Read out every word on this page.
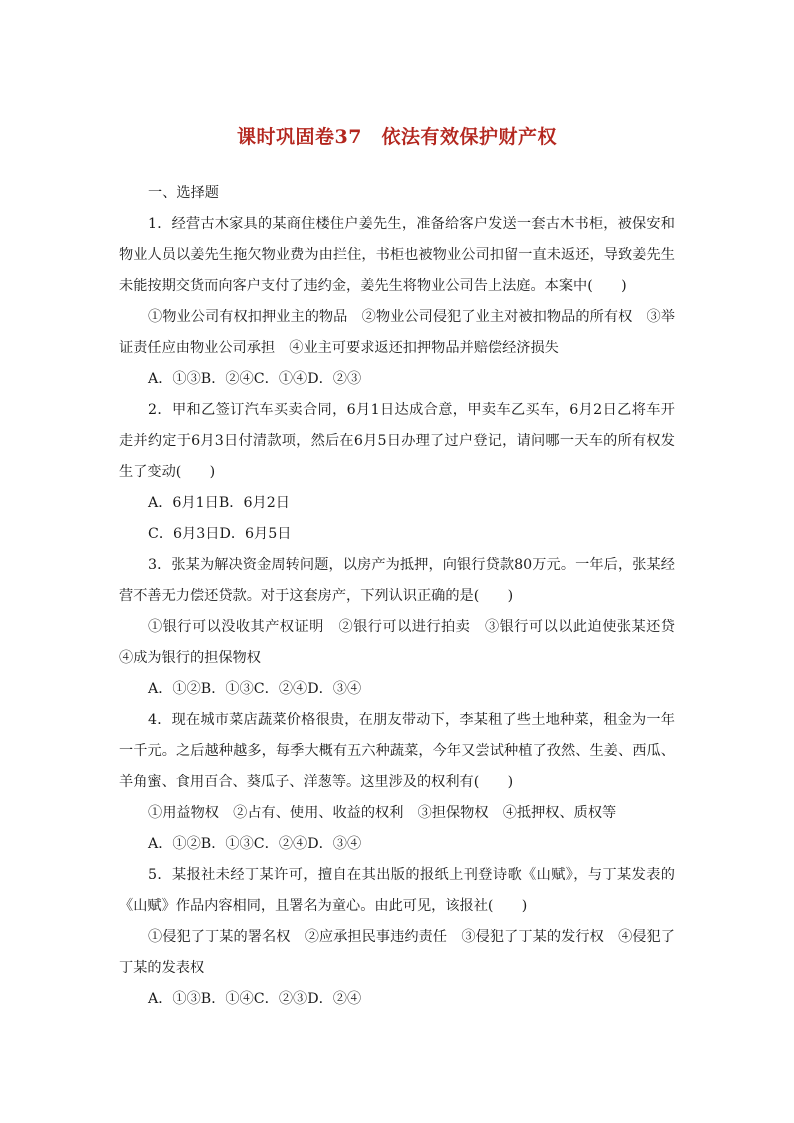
课时巩固卷37　依法有效保护财产权

一、选择题

1．经营古木家具的某商住楼住户姜先生，准备给客户发送一套古木书柜，被保安和物业人员以姜先生拖欠物业费为由拦住，书柜也被物业公司扣留一直未返还，导致姜先生未能按期交货而向客户支付了违约金，姜先生将物业公司告上法庭。本案中(　　)

①物业公司有权扣押业主的物品　②物业公司侵犯了业主对被扣物品的所有权　③举证责任应由物业公司承担　④业主可要求返还扣押物品并赔偿经济损失

A．①③B．②④C．①④D．②③

2．甲和乙签订汽车买卖合同，6月1日达成合意，甲卖车乙买车，6月2日乙将车开走并约定于6月3日付清款项，然后在6月5日办理了过户登记，请问哪一天车的所有权发生了变动(　　)

A．6月1日B．6月2日

C．6月3日D．6月5日

3．张某为解决资金周转问题，以房产为抵押，向银行贷款80万元。一年后，张某经营不善无力偿还贷款。对于这套房产，下列认识正确的是(　　)

①银行可以没收其产权证明　②银行可以进行拍卖　③银行可以以此迫使张某还贷　④成为银行的担保物权

A．①②B．①③C．②④D．③④

4．现在城市菜店蔬菜价格很贵，在朋友带动下，李某租了些土地种菜，租金为一年一千元。之后越种越多，每季大概有五六种蔬菜，今年又尝试种植了孜然、生姜、西瓜、羊角蜜、食用百合、葵瓜子、洋葱等。这里涉及的权利有(　　)

①用益物权　②占有、使用、收益的权利　③担保物权　④抵押权、质权等

A．①②B．①③C．②④D．③④

5．某报社未经丁某许可，擅自在其出版的报纸上刊登诗歌《山赋》，与丁某发表的《山赋》作品内容相同，且署名为童心。由此可见，该报社(　　)

①侵犯了丁某的署名权　②应承担民事违约责任　③侵犯了丁某的发行权　④侵犯了丁某的发表权

A．①③B．①④C．②③D．②④
